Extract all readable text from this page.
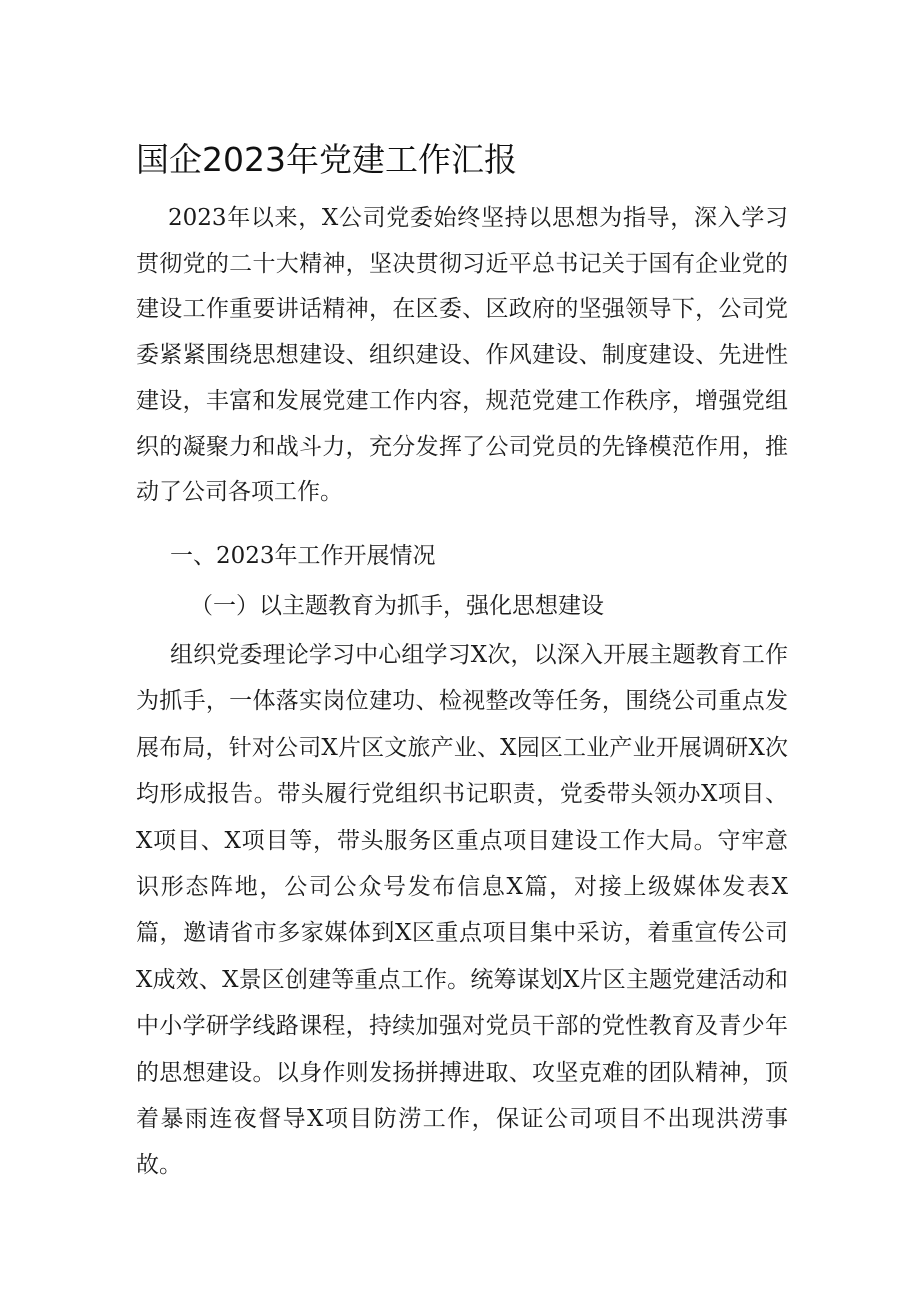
国企2023年党建工作汇报

2023年以来，X公司党委始终坚持以思想为指导，深入学习贯彻党的二十大精神，坚决贯彻习近平总书记关于国有企业党的建设工作重要讲话精神，在区委、区政府的坚强领导下，公司党委紧紧围绕思想建设、组织建设、作风建设、制度建设、先进性建设，丰富和发展党建工作内容，规范党建工作秩序，增强党组织的凝聚力和战斗力，充分发挥了公司党员的先锋模范作用，推动了公司各项工作。

一、2023年工作开展情况
（一）以主题教育为抓手，强化思想建设

组织党委理论学习中心组学习X次，以深入开展主题教育工作为抓手，一体落实岗位建功、检视整改等任务，围绕公司重点发展布局，针对公司X片区文旅产业、X园区工业产业开展调研X次均形成报告。带头履行党组织书记职责，党委带头领办X项目、X项目、X项目等，带头服务区重点项目建设工作大局。守牢意识形态阵地，公司公众号发布信息X篇，对接上级媒体发表X篇，邀请省市多家媒体到X区重点项目集中采访，着重宣传公司X成效、X景区创建等重点工作。统筹谋划X片区主题党建活动和中小学研学线路课程，持续加强对党员干部的党性教育及青少年的思想建设。以身作则发扬拼搏进取、攻坚克难的团队精神，顶着暴雨连夜督导X项目防涝工作，保证公司项目不出现洪涝事故。
